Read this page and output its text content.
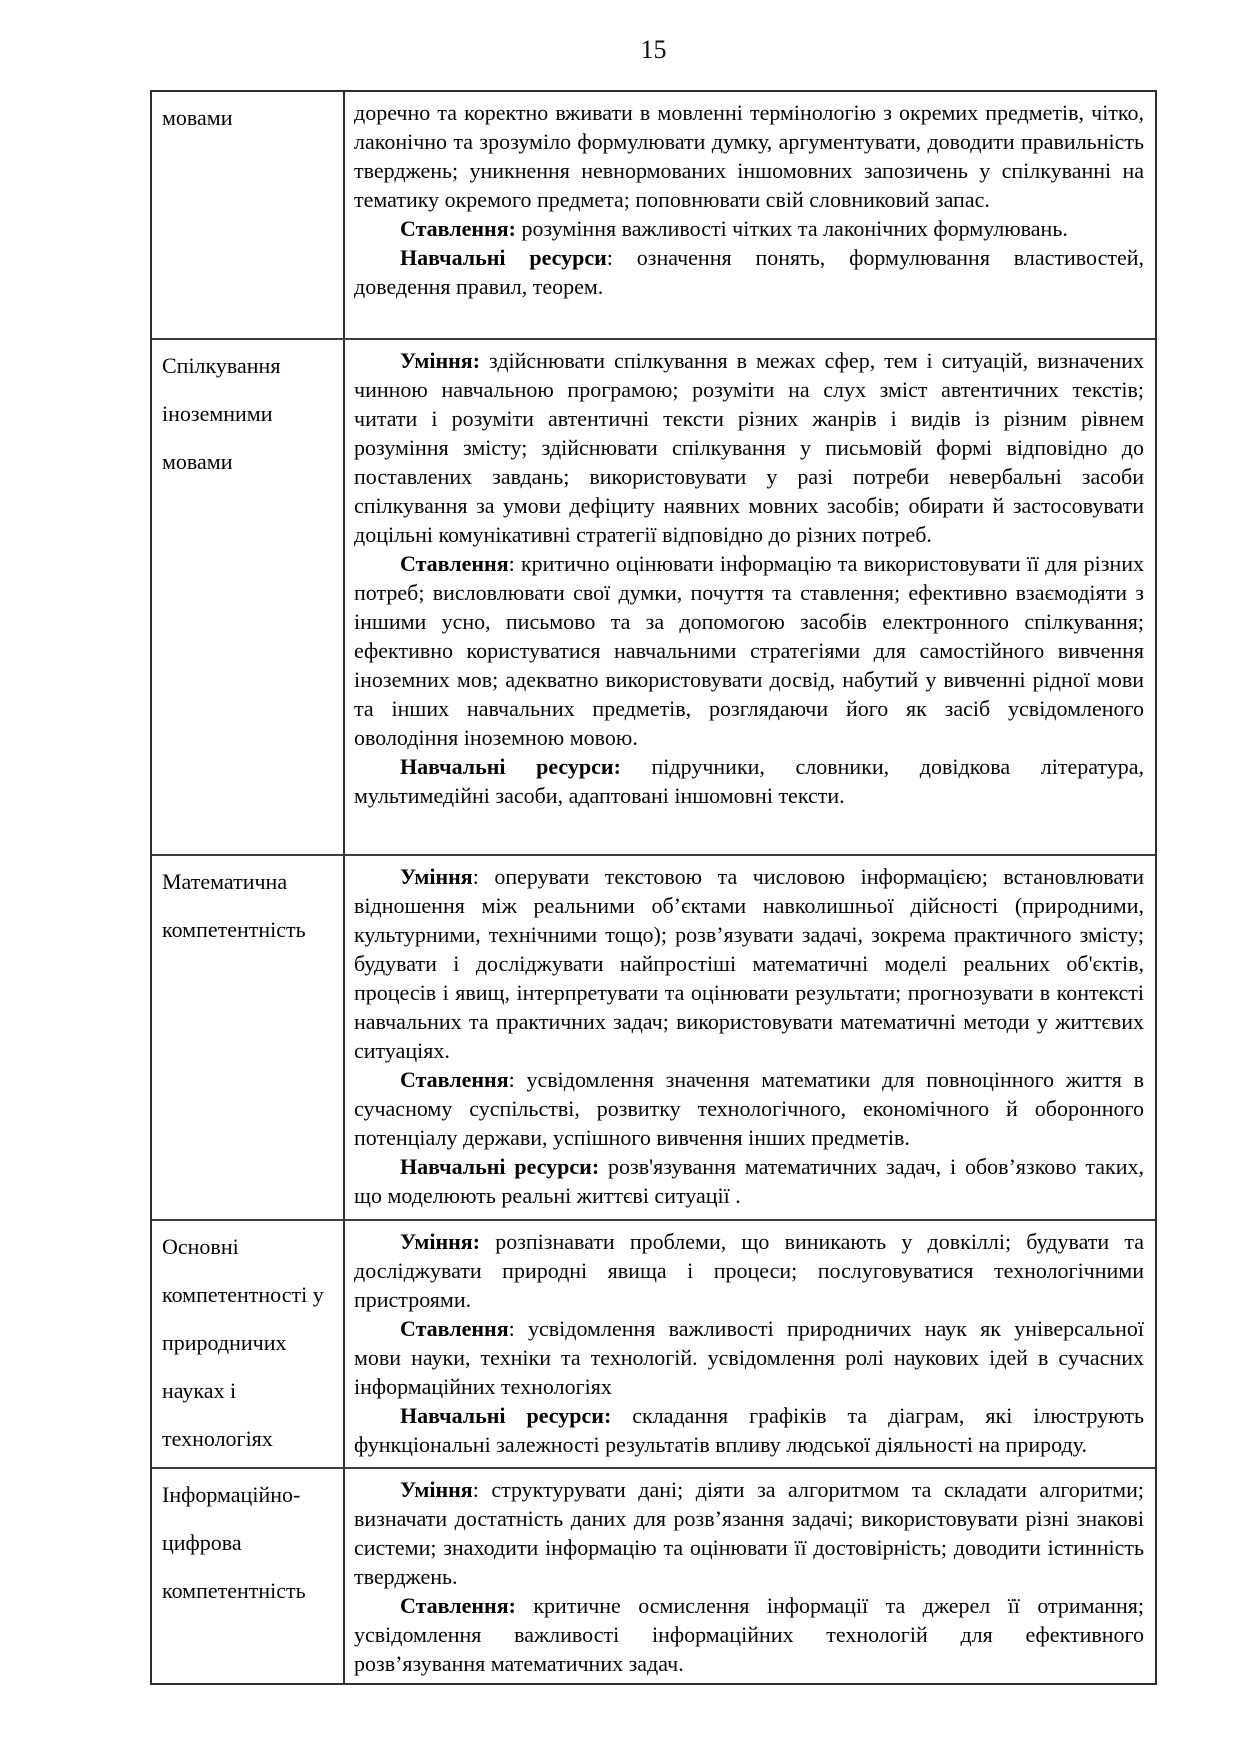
15
мовами	доречно та коректно вживати в мовленні термінологію з окремих предметів, чітко, лаконічно та зрозуміло формулювати думку, аргументувати, доводити правильність тверджень; уникнення невнормованих іншомовних запозичень у спілкуванні на тематику окремого предмета; поповнювати свій словниковий запас.

Ставлення: розуміння важливості чітких та лаконічних формулювань.

Навчальні ресурси: означення понять, формулювання властивостей, доведення правил, теорем.

Спілкування іноземними мовами

Уміння: здійснювати спілкування в межах сфер, тем і ситуацій, визначених чинною навчальною програмою; розуміти на слух зміст автентичних текстів; читати і розуміти автентичні тексти різних жанрів і видів із різним рівнем розуміння змісту; здійснювати спілкування у письмовій формі відповідно до поставлених завдань; використовувати у разі потреби невербальні засоби спілкування за умови дефіциту наявних мовних засобів; обирати й застосовувати доцільні комунікативні стратегії відповідно до різних потреб.

Ставлення: критично оцінювати інформацію та використовувати її для різних потреб; висловлювати свої думки, почуття та ставлення; ефективно взаємодіяти з іншими усно, письмово та за допомогою засобів електронного спілкування; ефективно користуватися навчальними стратегіями для самостійного вивчення іноземних мов; адекватно використовувати досвід, набутий у вивченні рідної мови та інших навчальних предметів, розглядаючи його як засіб усвідомленого оволодіння іноземною мовою.

Навчальні ресурси: підручники, словники, довідкова література, мультимедійні засоби, адаптовані іншомовні тексти.

Математична компетентність

Уміння: оперувати текстовою та числовою інформацією; встановлювати відношення між реальними об’єктами навколишньої дійсності (природними, культурними, технічними тощо); розв’язувати задачі, зокрема практичного змісту; будувати і досліджувати найпростіші математичні моделі реальних об'єктів, процесів і явищ, інтерпретувати та оцінювати результати; прогнозувати в контексті навчальних та практичних задач; використовувати математичні методи у життєвих ситуаціях.

Ставлення: усвідомлення значення математики для повноцінного життя в сучасному суспільстві, розвитку технологічного, економічного й оборонного потенціалу держави, успішного вивчення інших предметів.

Навчальні ресурси: розв'язування математичних задач, і обов’язково таких, що моделюють реальні життєві ситуації .

Основні компетентності у природничих науках і технологіях

Уміння: розпізнавати проблеми, що виникають у довкіллі; будувати та досліджувати природні явища і процеси; послуговуватися технологічними пристроями.

Ставлення: усвідомлення важливості природничих наук як універсальної мови науки, техніки та технологій. усвідомлення ролі наукових ідей в сучасних інформаційних технологіях

Навчальні ресурси: складання графіків та діаграм, які ілюструють функціональні залежності результатів впливу людської діяльності на природу.

Інформаційно-цифрова компетентність

Уміння: структурувати дані; діяти за алгоритмом та складати алгоритми; визначати достатність даних для розв’язання задачі; використовувати різні знакові системи; знаходити інформацію та оцінювати її достовірність; доводити істинність тверджень.

Ставлення: критичне осмислення інформації та джерел її отримання; усвідомлення важливості інформаційних технологій для ефективного розв’язування математичних задач.
